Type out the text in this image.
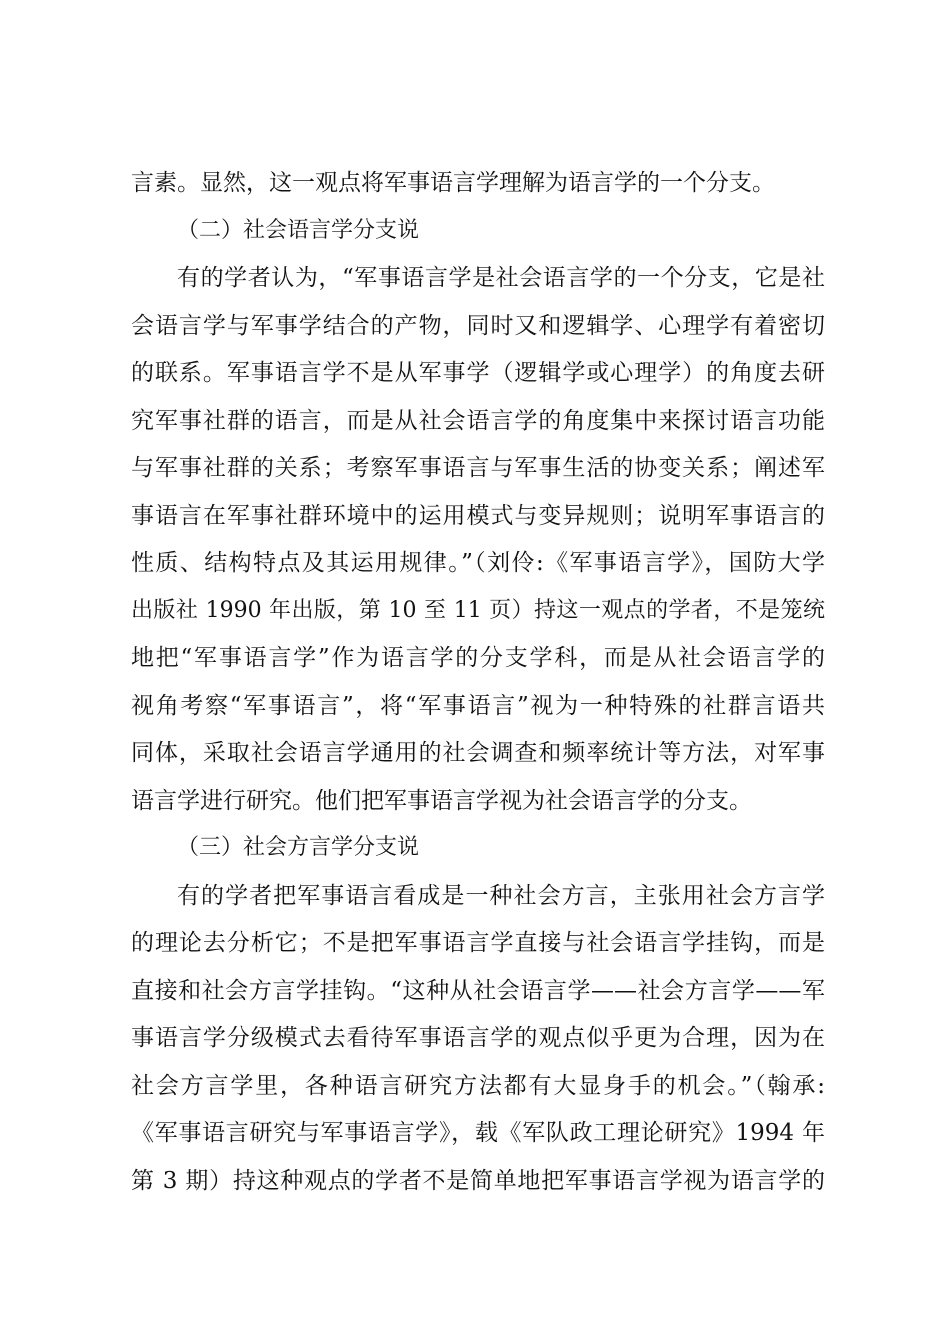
言素。显然，这一观点将军事语言学理解为语言学的一个分支。
（二）社会语言学分支说
有的学者认为，“军事语言学是社会语言学的一个分支，它是社
会语言学与军事学结合的产物，同时又和逻辑学、心理学有着密切
的联系。军事语言学不是从军事学（逻辑学或心理学）的角度去研
究军事社群的语言，而是从社会语言学的角度集中来探讨语言功能
与军事社群的关系；考察军事语言与军事生活的协变关系；阐述军
事语言在军事社群环境中的运用模式与变异规则；说明军事语言的
性质、结构特点及其运用规律。”（刘伶:《军事语言学》，国防大学
出版社 1990 年出版，第 10 至 11 页）持这一观点的学者，不是笼统
地把“军事语言学”作为语言学的分支学科，而是从社会语言学的
视角考察“军事语言”，将“军事语言”视为一种特殊的社群言语共
同体，采取社会语言学通用的社会调查和频率统计等方法，对军事
语言学进行研究。他们把军事语言学视为社会语言学的分支。
（三）社会方言学分支说
有的学者把军事语言看成是一种社会方言，主张用社会方言学
的理论去分析它；不是把军事语言学直接与社会语言学挂钩，而是
直接和社会方言学挂钩。“这种从社会语言学——社会方言学——军
事语言学分级模式去看待军事语言学的观点似乎更为合理，因为在
社会方言学里，各种语言研究方法都有大显身手的机会。”（翰承:
《军事语言研究与军事语言学》，载《军队政工理论研究》1994 年
第 3 期）持这种观点的学者不是简单地把军事语言学视为语言学的
